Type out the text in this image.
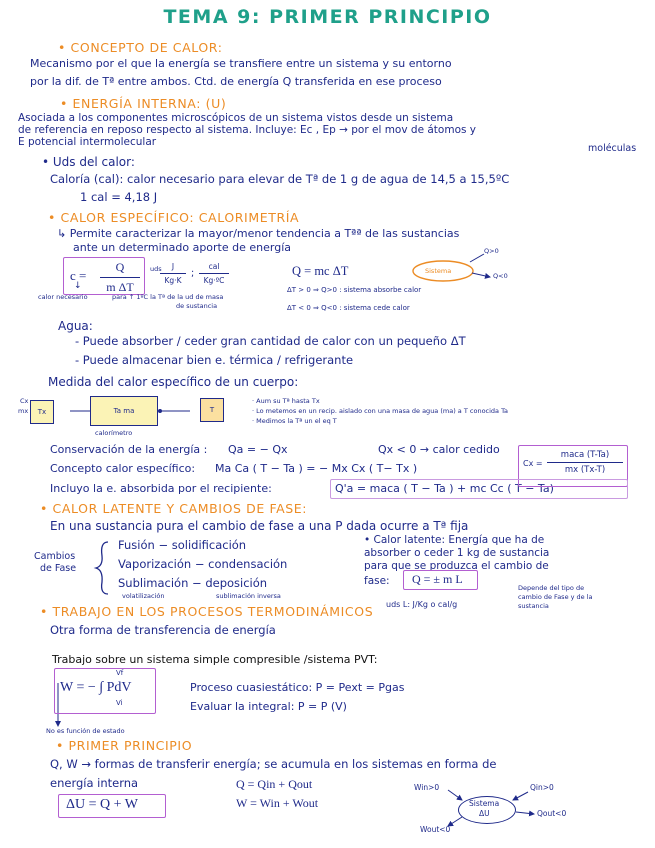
TEMA 9: PRIMER PRINCIPIO
• CONCEPTO DE CALOR:
Mecanismo por el que la energía se transfiere entre un sistema y su entorno
por la dif. de Tª entre ambos. Ctd. de energía Q transferida en ese proceso
• ENERGÍA INTERNA: (U)
Asociada a los componentes microscópicos de un sistema vistos desde un sistema
de referencia en reposo respecto al sistema. Incluye: Ec , Ep → por el mov de átomos y
E potencial intermolecular
moléculas
• Uds del calor:
Caloría (cal): calor necesario para elevar de Tª de 1 g de agua de 14,5 a 15,5ºC
1 cal = 4,18 J
• CALOR ESPECÍFICO: CALORIMETRÍA
↳ Permite caracterizar la mayor/menor tendencia a Tªª de las sustancias
ante un determinado aporte de energía
c =
Q
m ΔT
uds	J
Kg·K
;
cal
Kg·ºC
↓
calor necesario	para ↑ 1ºC la Tª de la ud de masa
de sustancia
Q = mc ΔT
ΔT > 0 ⇒ Q>0 : sistema absorbe calor
ΔT < 0 ⇒ Q<0 : sistema cede calor
Sistema
Q>0
Q<0
Agua:
- Puede absorber / ceder gran cantidad de calor con un pequeño ΔT
- Puede almacenar bien e. térmica / refrigerante
Medida del calor específico de un cuerpo:
Cx
mx	Tx	Ta ma	T
calorímetro
· Aum su Tª hasta Tx
· Lo metemos en un recip. aislado con una masa de agua (ma) a T conocida Ta
· Medimos la Tª un el eq T
Conservación de la energía : Qa = − Qx	Qx < 0 → calor cedido
Concepto calor específico: Ma Ca ( T − Ta ) = − Mx Cx ( T− Tx )
Incluyo la e. absorbida por el recipiente:	Q'a = maca ( T − Ta ) + mc Cc ( T − Ta)
Cx =
maca (T-Ta)
mx (Tx-T)
• CALOR LATENTE Y CAMBIOS DE FASE:
En una sustancia pura el cambio de fase a una P dada ocurre a Tª fija
Cambios
de Fase
Fusión − solidificación
Vaporización − condensación
Sublimación − deposición
volatilización	sublimación inversa
• Calor latente: Energía que ha de
absorber o ceder 1 kg de sustancia
para que se produzca el cambio de
fase: Q = ± m L
uds L: J/Kg o cal/g
Depende del tipo de
cambio de Fase y de la
sustancia
• TRABAJO EN LOS PROCESOS TERMODINÁMICOS
Otra forma de transferencia de energía
Trabajo sobre un sistema simple compresible /sistema PVT:
W = − ∫ PdV
Vf
Vi
Proceso cuasiestático: P = Pext = Pgas
Evaluar la integral: P = P (V)
No es función de estado
• PRIMER PRINCIPIO
Q, W → formas de transferir energía; se acumula en los sistemas en forma de
energía interna	Q = Qin + Qout
W = Win + Wout
ΔU = Q + W	Sistema
ΔU
Win>0
Wout<0
Qin>0
Qout<0
